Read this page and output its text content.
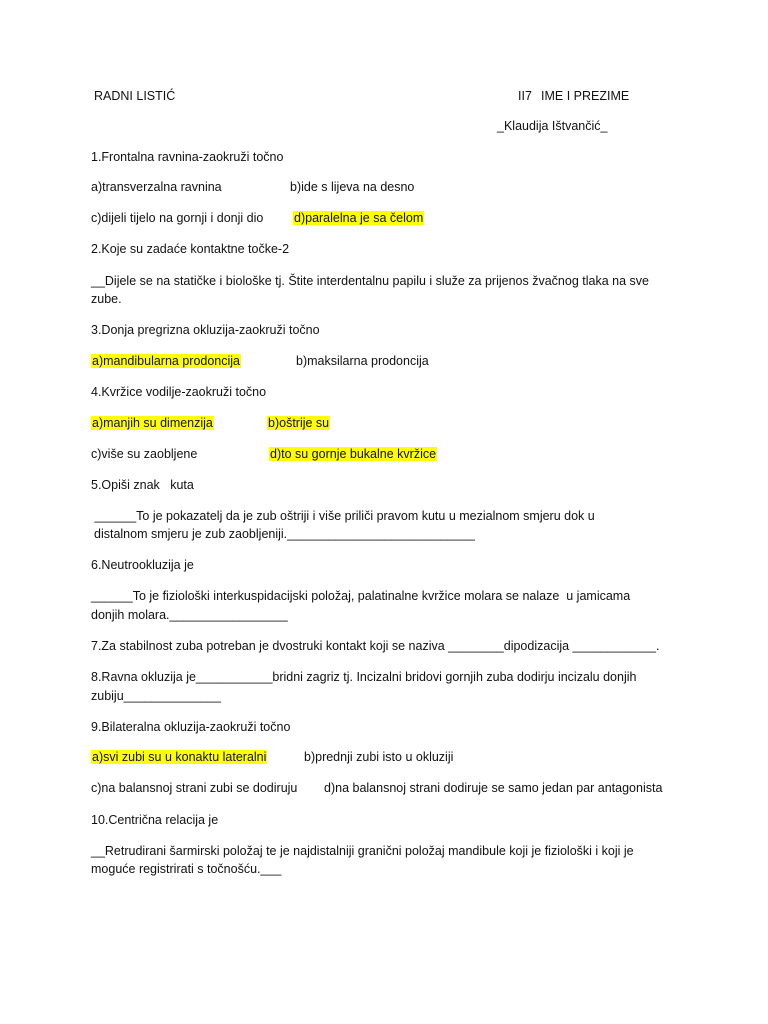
RADNI LISTIĆ	II7 IME I PREZIME
_Klaudija Ištvančić_
1.Frontalna ravnina-zaokruži točno
a)transverzalna ravnina	b)ide s lijeva na desno
c)dijeli tijelo na gornji i donji dio d)paralelna je sa čelom
2.Koje su zadaće kontaktne točke-2
__Dijele se na statičke i biološke tj. Štite interdentalnu papilu i služe za prijenos žvačnog tlaka na sve
zube.
3.Donja pregrizna okluzija-zaokruži točno
a)mandibularna prodoncija	b)maksilarna prodoncija
4.Kvržice vodilje-zaokruži točno
a)manjih su dimenzija	b)oštrije su
c)više su zaobljene	d)to su gornje bukalne kvržice
5.Opiši znak   kuta
______To je pokazatelj da je zub oštriji i više priliči pravom kutu u mezialnom smjeru dok u
distalnom smjeru je zub zaobljeniji.___________________________
6.Neutrookluzija je
______To je fiziološki interkuspidacijski položaj, palatinalne kvržice molara se nalaze  u jamicama
donjih molara._________________
7.Za stabilnost zuba potreban je dvostruki kontakt koji se naziva ________dipodizacija ____________.
8.Ravna okluzija je___________bridni zagriz tj. Incizalni bridovi gornjih zuba dodirju incizalu donjih
zubiju______________
9.Bilateralna okluzija-zaokruži točno
a)svi zubi su u konaktu lateralni	b)prednji zubi isto u okluziji
c)na balansnoj strani zubi se dodiruju d)na balansnoj strani dodiruje se samo jedan par antagonista
10.Centrična relacija je
__Retrudirani šarmirski položaj te je najdistalniji granični položaj mandibule koji je fiziološki i koji je
moguće registrirati s točnošću.___
